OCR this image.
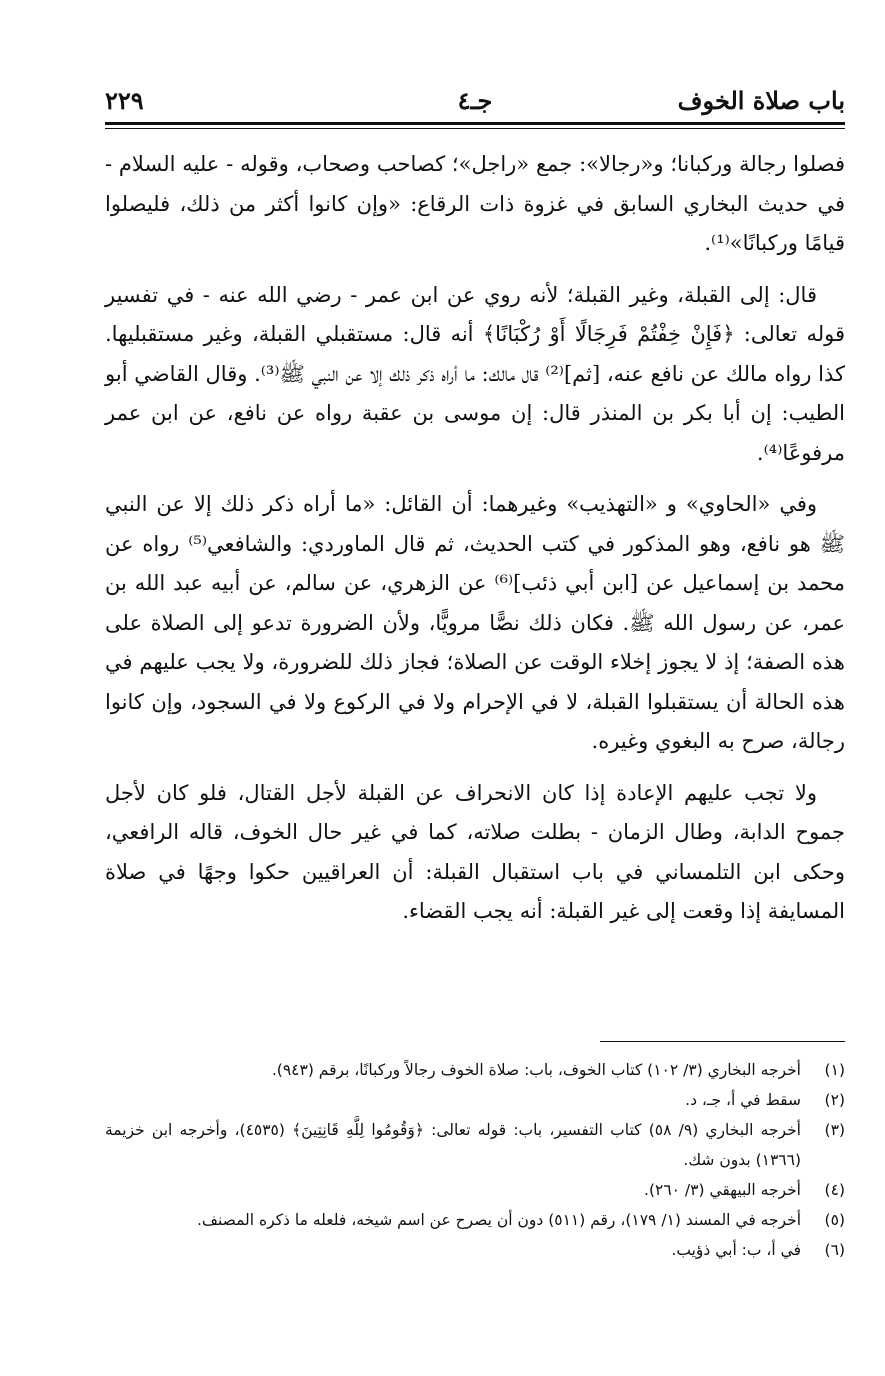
باب صلاة الخوف
جـ٤
٢٢٩

فصلوا رجالة وركبانا؛ و«رجالا»: جمع «راجل»؛ كصاحب وصحاب، وقوله - عليه السلام - في حديث البخاري السابق في غزوة ذات الرقاع: «وإن كانوا أكثر من ذلك، فليصلوا قيامًا وركبانًا»⁽¹⁾.

قال: إلى القبلة، وغير القبلة؛ لأنه روي عن ابن عمر - رضي الله عنه - في تفسير قوله تعالى: ﴿فَإِنْ خِفْتُمْ فَرِجَالًا أَوْ رُكْبَانًا﴾ أنه قال: مستقبلي القبلة، وغير مستقبليها. كذا رواه مالك عن نافع عنه، [ثم]⁽²⁾ قال مالك: ما أراه ذكر ذلك إلا عن النبي ﷺ⁽³⁾. وقال القاضي أبو الطيب: إن أبا بكر بن المنذر قال: إن موسى بن عقبة رواه عن نافع، عن ابن عمر مرفوعًا⁽⁴⁾.

وفي «الحاوي» و «التهذيب» وغيرهما: أن القائل: «ما أراه ذكر ذلك إلا عن النبي ﷺ هو نافع، وهو المذكور في كتب الحديث، ثم قال الماوردي: والشافعي⁽⁵⁾ رواه عن محمد بن إسماعيل عن [ابن أبي ذئب]⁽⁶⁾ عن الزهري، عن سالم، عن أبيه عبد الله بن عمر، عن رسول الله ﷺ. فكان ذلك نصًّا مرويًّا، ولأن الضرورة تدعو إلى الصلاة على هذه الصفة؛ إذ لا يجوز إخلاء الوقت عن الصلاة؛ فجاز ذلك للضرورة، ولا يجب عليهم في هذه الحالة أن يستقبلوا القبلة، لا في الإحرام ولا في الركوع ولا في السجود، وإن كانوا رجالة، صرح به البغوي وغيره.

ولا تجب عليهم الإعادة إذا كان الانحراف عن القبلة لأجل القتال، فلو كان لأجل جموح الدابة، وطال الزمان - بطلت صلاته، كما في غير حال الخوف، قاله الرافعي، وحكى ابن التلمساني في باب استقبال القبلة: أن العراقيين حكوا وجهًا في صلاة المسايفة إذا وقعت إلى غير القبلة: أنه يجب القضاء.

(١)
أخرجه البخاري (٣/ ١٠٢) كتاب الخوف، باب: صلاة الخوف رجالاً وركبانًا، برقم (٩٤٣).
(٢)
سقط في أ، جـ، د.
(٣)
أخرجه البخاري (٩/ ٥٨) كتاب التفسير، باب: قوله تعالى: ﴿وَقُومُوا لِلَّهِ قَانِتِينَ﴾ (٤٥٣٥)، وأخرجه ابن خزيمة (١٣٦٦) بدون شك.
(٤)
أخرجه البيهقي (٣/ ٢٦٠).
(٥)
أخرجه في المسند (١/ ١٧٩)، رقم (٥١١) دون أن يصرح عن اسم شيخه، فلعله ما ذكره المصنف.
(٦)
في أ، ب: أبي ذؤيب.
